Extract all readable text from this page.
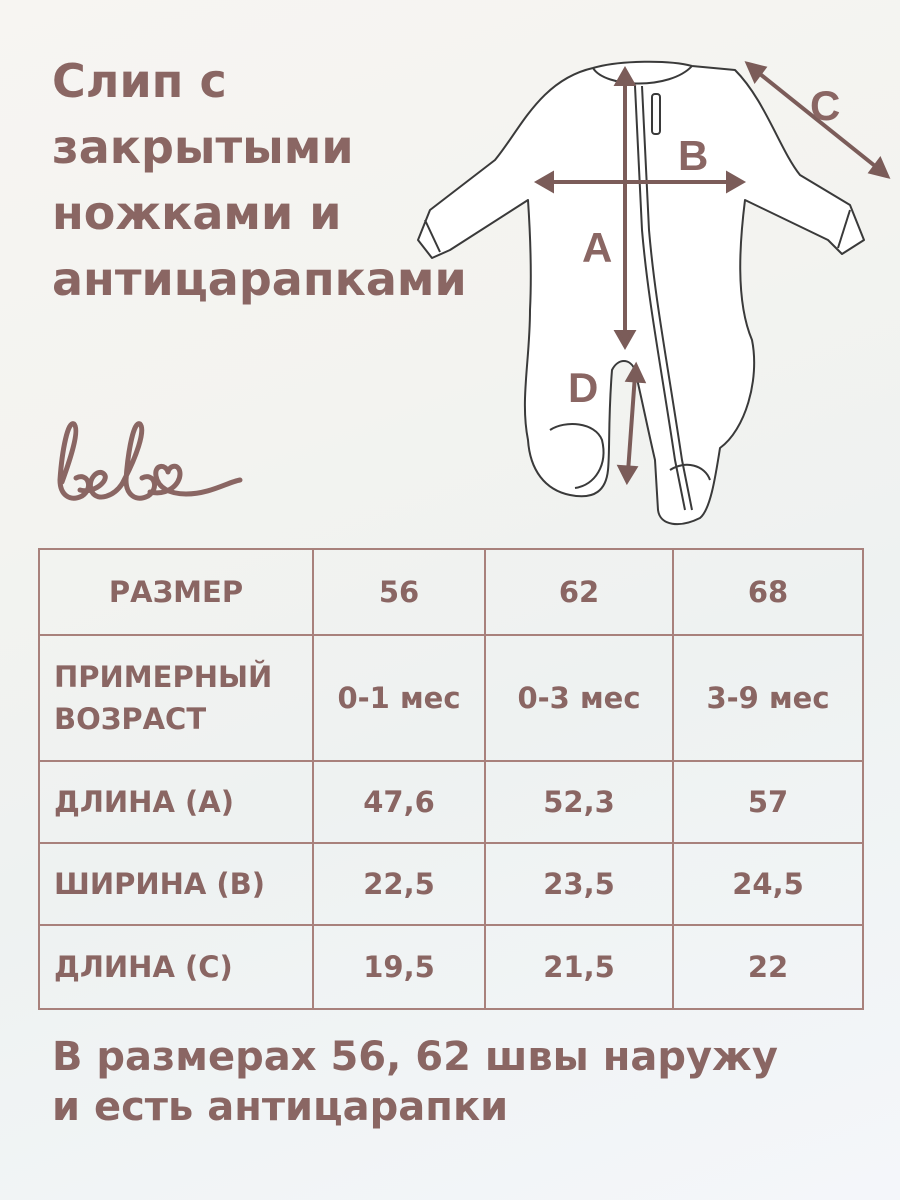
Слип с
закрытыми
ножками и
антицарапками
B
A
C
D
РАЗМЕР	56	62	68

ПРИМЕРНЫЙ
ВОЗРАСТ	0-1 мес	0-3 мес	3-9 мес
ДЛИНА (A)	47,6	52,3	57
ШИРИНА (B)	22,5	23,5	24,5
ДЛИНА (C)	19,5	21,5	22
В размерах 56, 62 швы наружу
и есть антицарапки
